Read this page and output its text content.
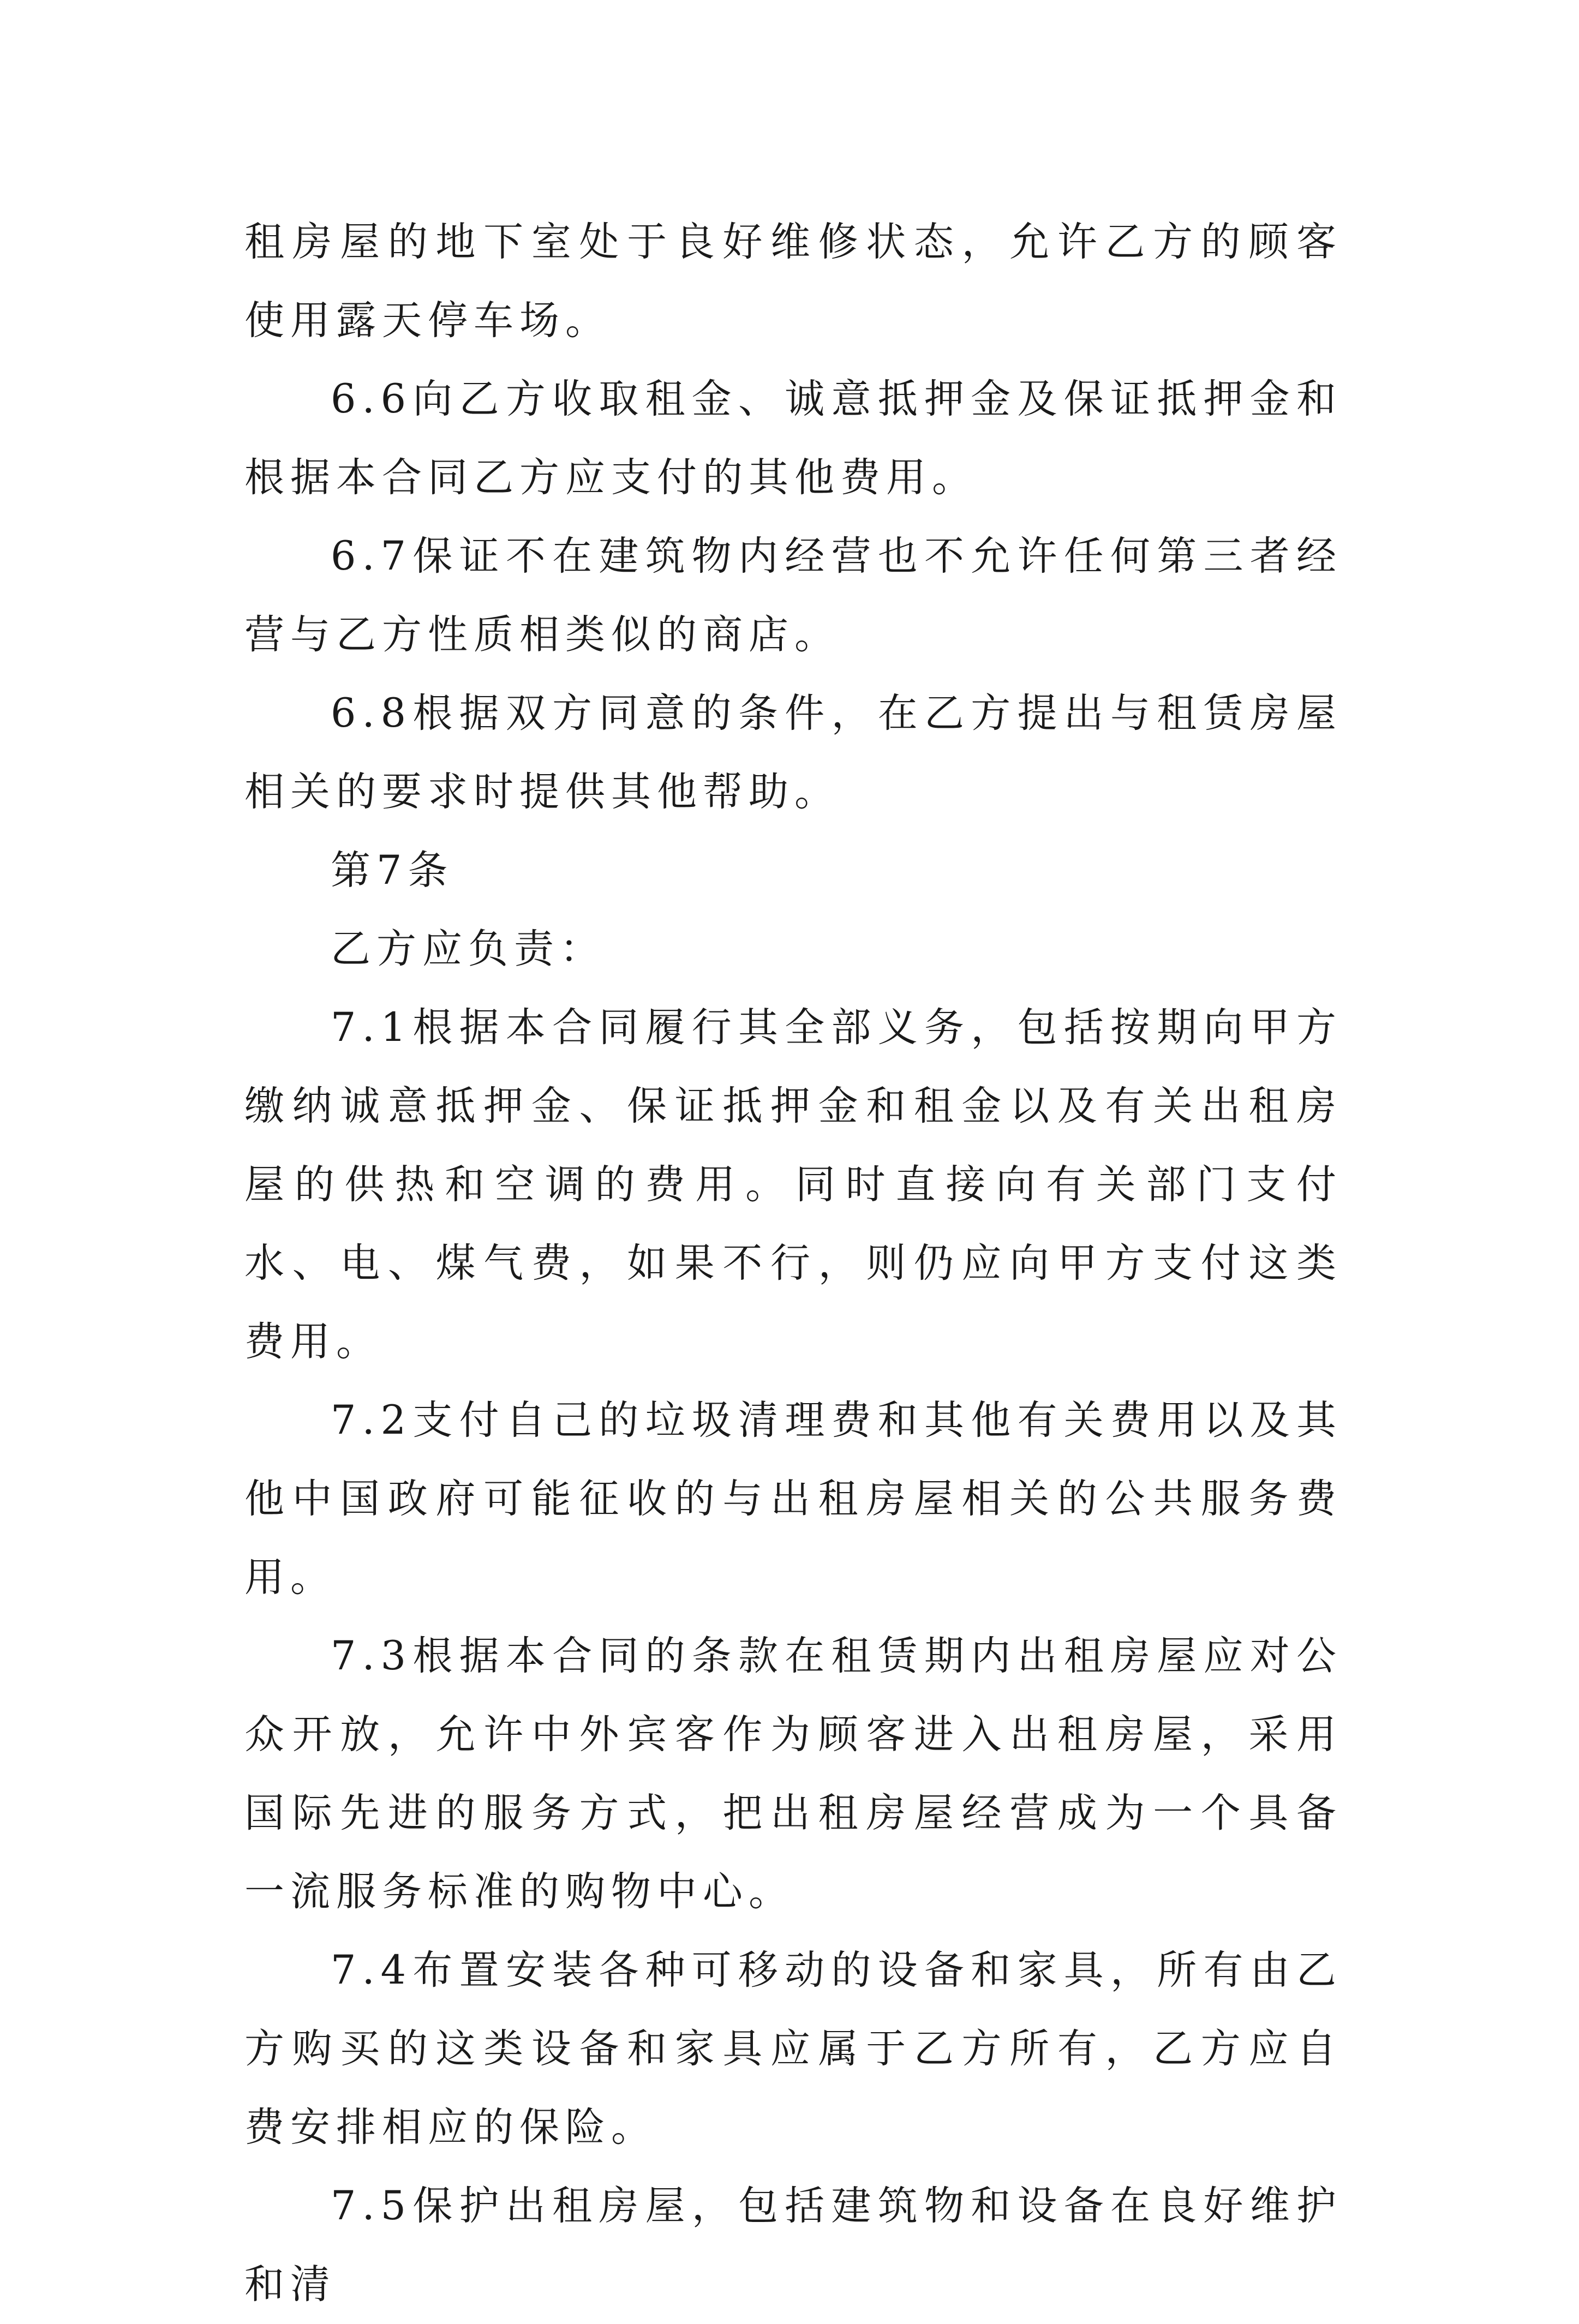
租房屋的地下室处于良好维修状态，允许乙方的顾客使用露天停车场。

6.6向乙方收取租金、诚意抵押金及保证抵押金和根据本合同乙方应支付的其他费用。

6.7保证不在建筑物内经营也不允许任何第三者经营与乙方性质相类似的商店。

6.8根据双方同意的条件，在乙方提出与租赁房屋相关的要求时提供其他帮助。

第7条

乙方应负责：

7.1根据本合同履行其全部义务，包括按期向甲方缴纳诚意抵押金、保证抵押金和租金以及有关出租房屋的供热和空调的费用。同时直接向有关部门支付水、电、煤气费，如果不行，则仍应向甲方支付这类费用。

7.2支付自己的垃圾清理费和其他有关费用以及其他中国政府可能征收的与出租房屋相关的公共服务费用。

7.3根据本合同的条款在租赁期内出租房屋应对公众开放，允许中外宾客作为顾客进入出租房屋，采用国际先进的服务方式，把出租房屋经营成为一个具备一流服务标准的购物中心。

7.4布置安装各种可移动的设备和家具，所有由乙方购买的这类设备和家具应属于乙方所有，乙方应自费安排相应的保险。

7.5保护出租房屋，包括建筑物和设备在良好维护和清
